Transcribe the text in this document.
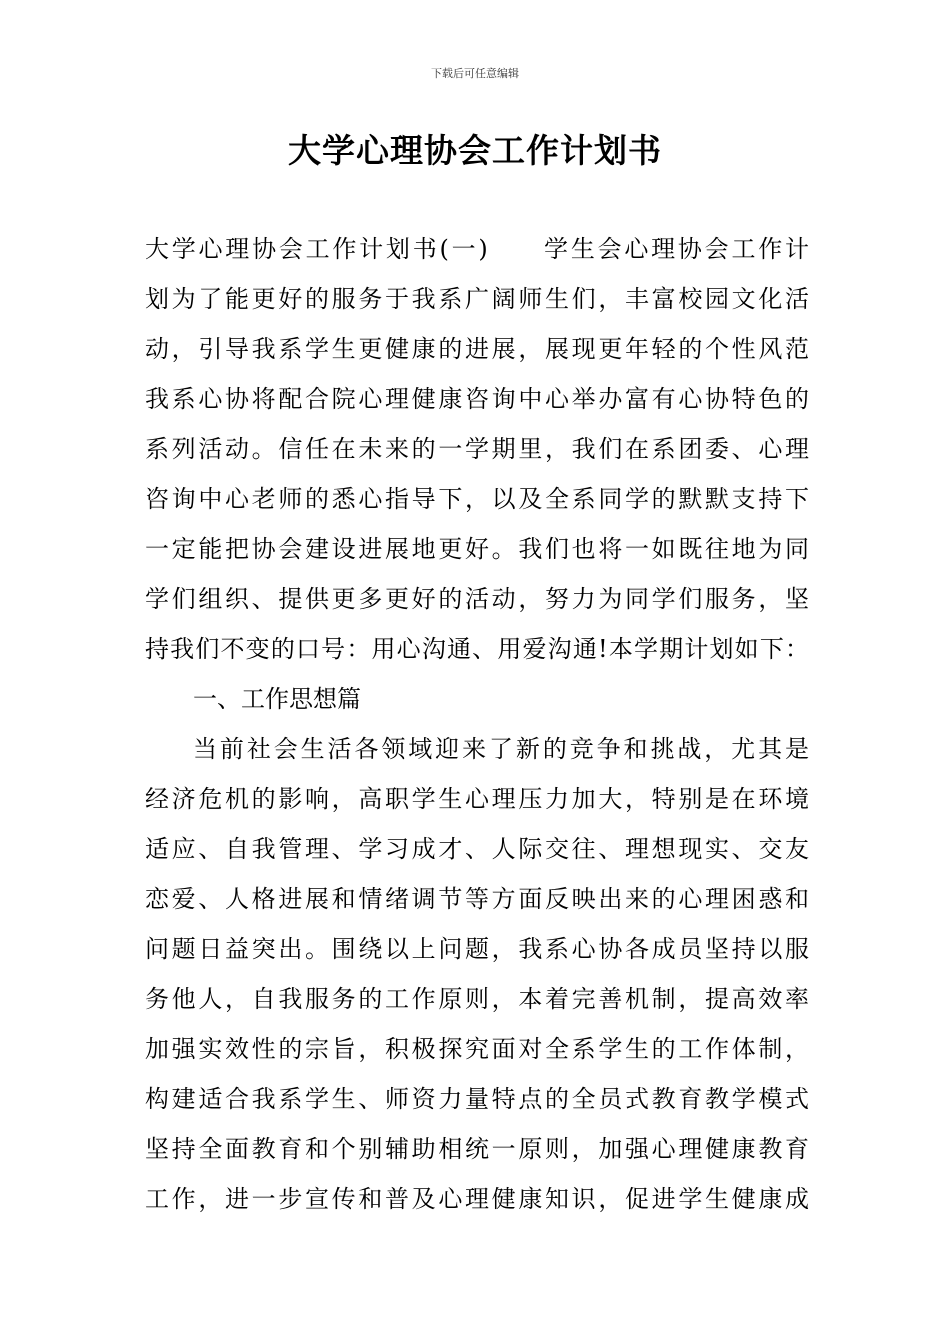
下载后可任意编辑
大学心理协会工作计划书
大学心理协会工作计划书(一)　　学生会心理协会工作计
划为了能更好的服务于我系广阔师生们，丰富校园文化活
动，引导我系学生更健康的进展，展现更年轻的个性风范
我系心协将配合院心理健康咨询中心举办富有心协特色的
系列活动。信任在未来的一学期里，我们在系团委、心理
咨询中心老师的悉心指导下，以及全系同学的默默支持下
一定能把协会建设进展地更好。我们也将一如既往地为同
学们组织、提供更多更好的活动，努力为同学们服务，坚
持我们不变的口号：用心沟通、用爱沟通!本学期计划如下：
一、工作思想篇
当前社会生活各领域迎来了新的竞争和挑战，尤其是
经济危机的影响，高职学生心理压力加大，特别是在环境
适应、自我管理、学习成才、人际交往、理想现实、交友
恋爱、人格进展和情绪调节等方面反映出来的心理困惑和
问题日益突出。围绕以上问题，我系心协各成员坚持以服
务他人，自我服务的工作原则，本着完善机制，提高效率
加强实效性的宗旨，积极探究面对全系学生的工作体制，
构建适合我系学生、师资力量特点的全员式教育教学模式
坚持全面教育和个别辅助相统一原则，加强心理健康教育
工作，进一步宣传和普及心理健康知识，促进学生健康成
